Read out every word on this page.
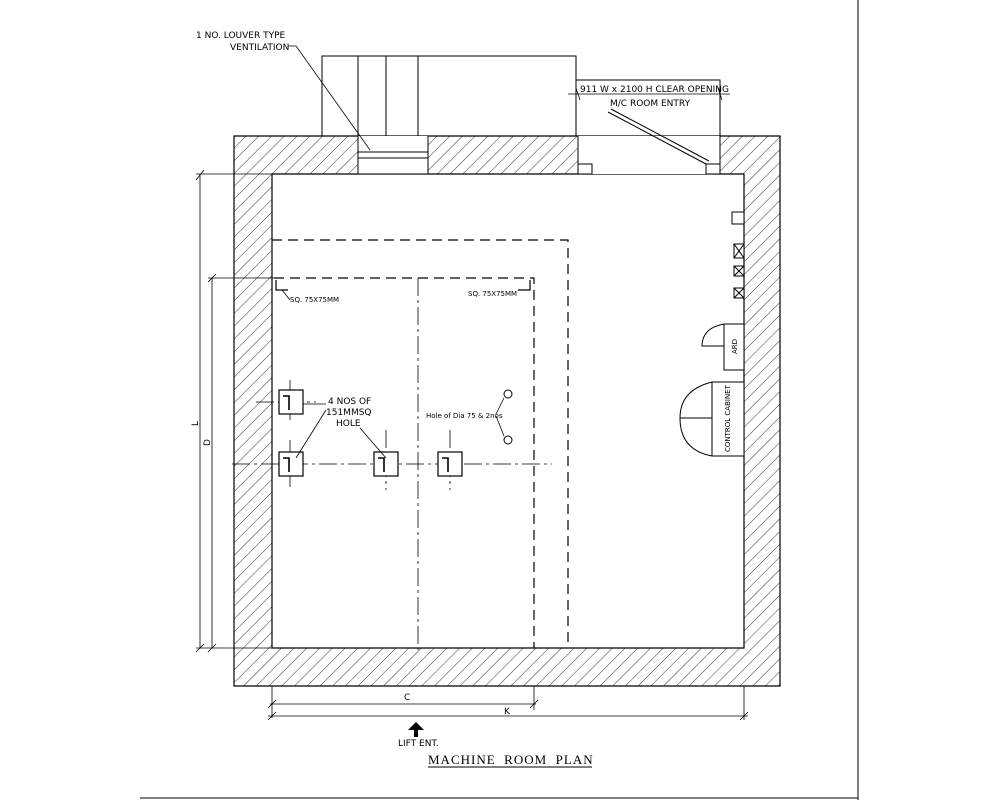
911 W x 2100 H CLEAR OPENING
M/C ROOM ENTRY
1 NO. LOUVER TYPE
VENTILATION
SQ. 75X75MM
SQ. 75X75MM
4 NOS OF
151MMSQ
HOLE
Hole of Dia 75 & 2nos
ARD
CONTROL CABINET
L
D
C
K
LIFT ENT.
MACHINE  ROOM  PLAN
